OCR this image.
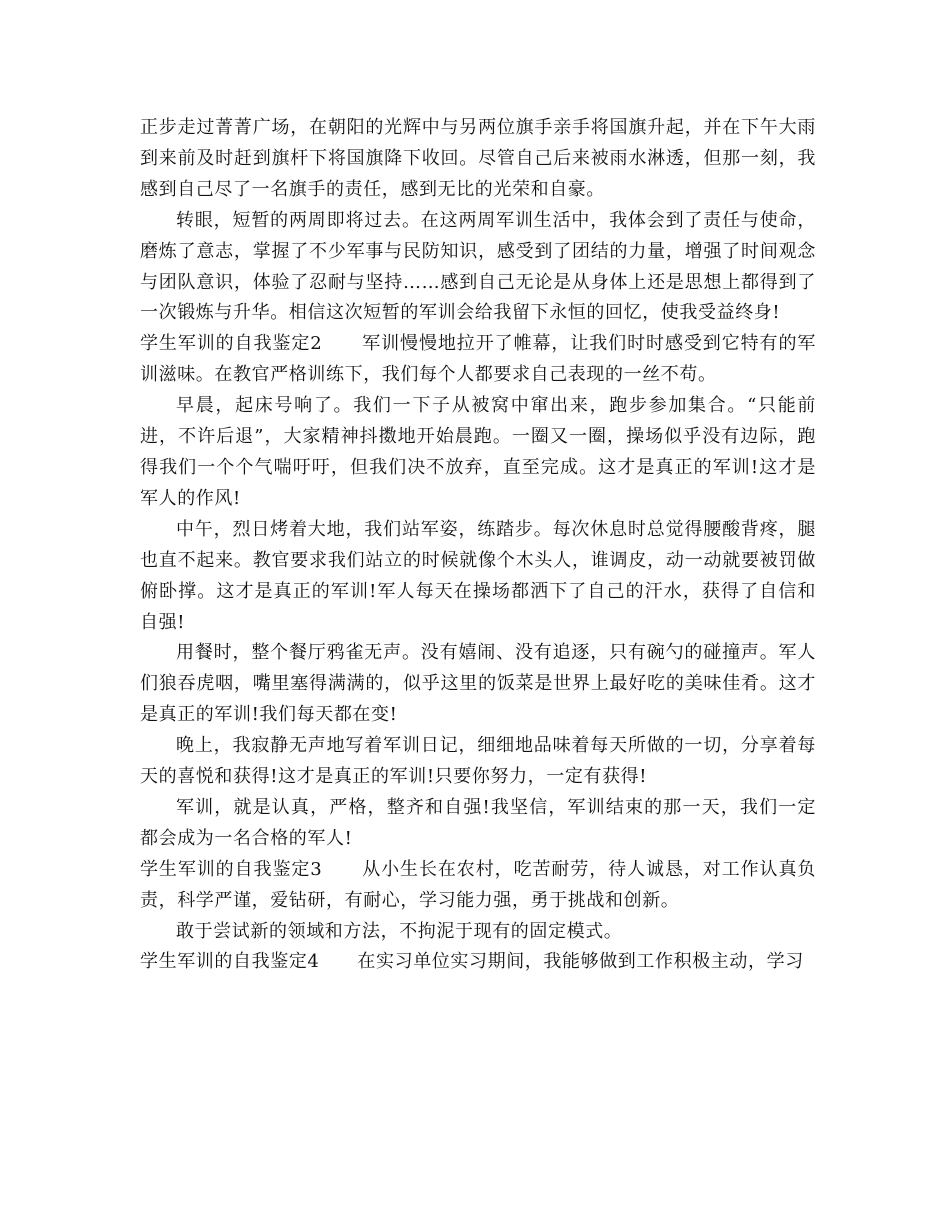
正步走过菁菁广场，在朝阳的光辉中与另两位旗手亲手将国旗升起，并在下午大雨到来前及时赶到旗杆下将国旗降下收回。尽管自己后来被雨水淋透，但那一刻，我感到自己尽了一名旗手的责任，感到无比的光荣和自豪。

转眼，短暂的两周即将过去。在这两周军训生活中，我体会到了责任与使命，磨炼了意志，掌握了不少军事与民防知识，感受到了团结的力量，增强了时间观念与团队意识，体验了忍耐与坚持……感到自己无论是从身体上还是思想上都得到了一次锻炼与升华。相信这次短暂的军训会给我留下永恒的回忆，使我受益终身!

学生军训的自我鉴定2 军训慢慢地拉开了帷幕，让我们时时感受到它特有的军训滋味。在教官严格训练下，我们每个人都要求自己表现的一丝不苟。

早晨，起床号响了。我们一下子从被窝中窜出来，跑步参加集合。“只能前进，不许后退”，大家精神抖擞地开始晨跑。一圈又一圈，操场似乎没有边际，跑得我们一个个气喘吁吁，但我们决不放弃，直至完成。这才是真正的军训!这才是军人的作风!

中午，烈日烤着大地，我们站军姿，练踏步。每次休息时总觉得腰酸背疼，腿也直不起来。教官要求我们站立的时候就像个木头人，谁调皮，动一动就要被罚做俯卧撑。这才是真正的军训!军人每天在操场都洒下了自己的汗水，获得了自信和自强!

用餐时，整个餐厅鸦雀无声。没有嬉闹、没有追逐，只有碗勺的碰撞声。军人们狼吞虎咽，嘴里塞得满满的，似乎这里的饭菜是世界上最好吃的美味佳肴。这才是真正的军训!我们每天都在变!

晚上，我寂静无声地写着军训日记，细细地品味着每天所做的一切，分享着每天的喜悦和获得!这才是真正的军训!只要你努力，一定有获得!

军训，就是认真，严格，整齐和自强!我坚信，军训结束的那一天，我们一定都会成为一名合格的军人!

学生军训的自我鉴定3 从小生长在农村，吃苦耐劳，待人诚恳，对工作认真负责，科学严谨，爱钻研，有耐心，学习能力强，勇于挑战和创新。

敢于尝试新的领域和方法，不拘泥于现有的固定模式。

学生军训的自我鉴定4 在实习单位实习期间，我能够做到工作积极主动，学习
